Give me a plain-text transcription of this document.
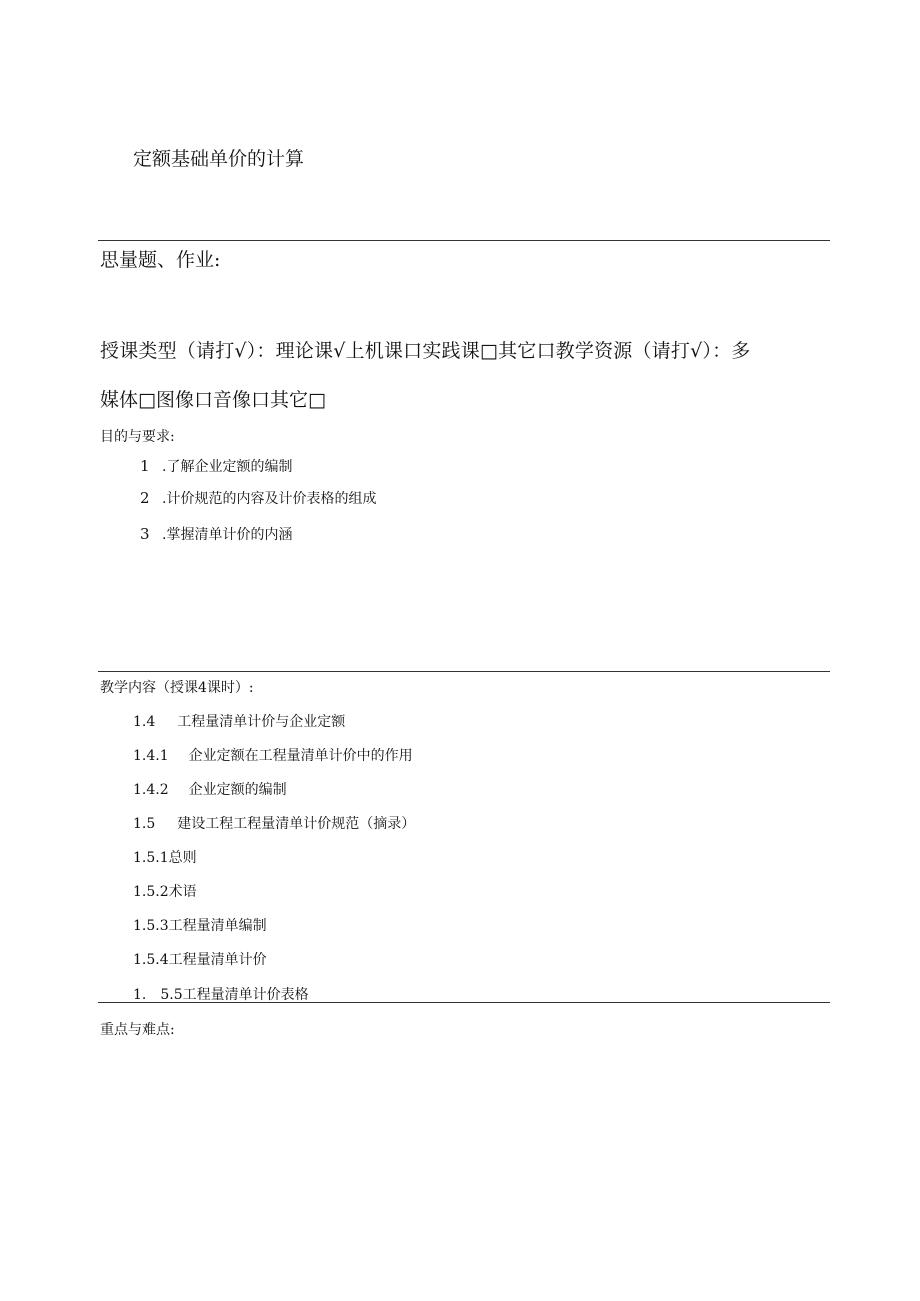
定额基础单价的计算
思量题、作业:
授课类型（请打√）：理论课√上机课口实践课□其它口教学资源（请打√）：多
媒体□图像口音像口其它□
目的与要求:
1 .了解企业定额的编制
2 .计价规范的内容及计价表格的组成
3 .掌握清单计价的内涵
教学内容（授课4课时）:
1.4 工程量清单计价与企业定额
1.4.1 企业定额在工程量清单计价中的作用
1.4.2 企业定额的编制
1.5 建设工程工程量清单计价规范（摘录）
1.5.1总则
1.5.2术语
1.5.3工程量清单编制
1.5.4工程量清单计价
1. 5.5工程量清单计价表格
重点与难点:
